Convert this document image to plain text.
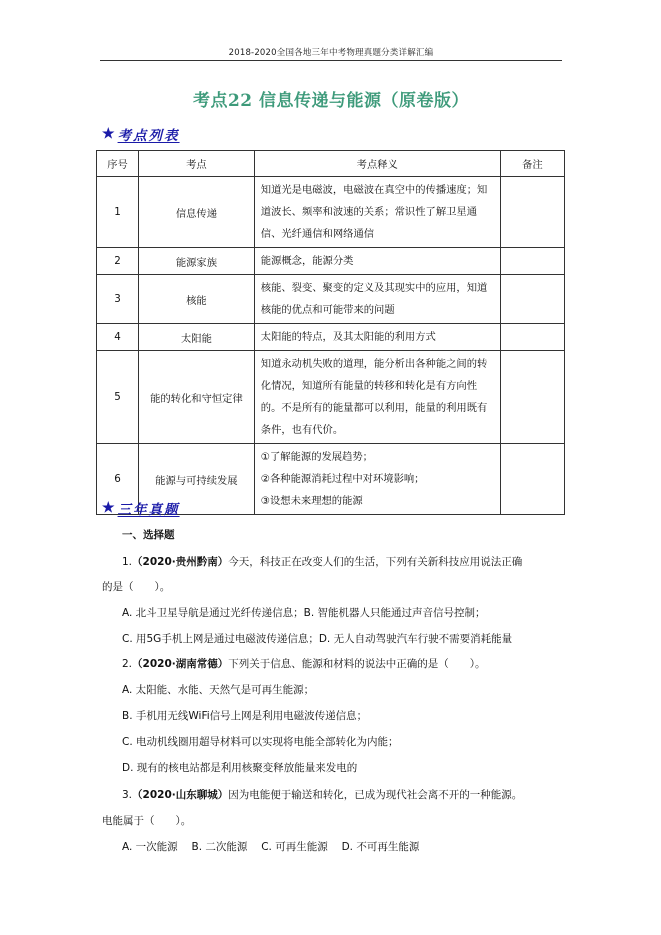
2018-2020全国各地三年中考物理真题分类详解汇编
考点22 信息传递与能源（原卷版）
★ 考点列表
序号	考点	考点释义	备注
1	信息传递	知道光是电磁波，电磁波在真空中的传播速度；知道波长、频率和波速的关系；常识性了解卫星通信、光纤通信和网络通信	
2	能源家族	能源概念，能源分类	
3	核能	核能、裂变、聚变的定义及其现实中的应用，知道核能的优点和可能带来的问题	
4	太阳能	太阳能的特点，及其太阳能的利用方式	
5	能的转化和守恒定律	知道永动机失败的道理，能分析出各种能之间的转化情况，知道所有能量的转移和转化是有方向性的。不是所有的能量都可以利用，能量的利用既有条件，也有代价。	
6	能源与可持续发展	①了解能源的发展趋势；
②各种能源消耗过程中对环境影响；
③设想未来理想的能源	

★ 三年真题
一、选择题
1.（2020·贵州黔南）今天，科技正在改变人们的生活，下列有关新科技应用说法正确
的是（　　）。
A. 北斗卫星导航是通过光纤传递信息；B. 智能机器人只能通过声音信号控制；
C. 用5G手机上网是通过电磁波传递信息；D. 无人自动驾驶汽车行驶不需要消耗能量
2.（2020·湖南常德）下列关于信息、能源和材料的说法中正确的是（　　）。
A. 太阳能、水能、天然气是可再生能源；
B. 手机用无线WiFi信号上网是利用电磁波传递信息；
C. 电动机线圈用超导材料可以实现将电能全部转化为内能；
D. 现有的核电站都是利用核聚变释放能量来发电的
3.（2020·山东聊城）因为电能便于输送和转化，已成为现代社会离不开的一种能源。
电能属于（　　）。
A. 一次能源　 B. 二次能源　 C. 可再生能源　 D. 不可再生能源
